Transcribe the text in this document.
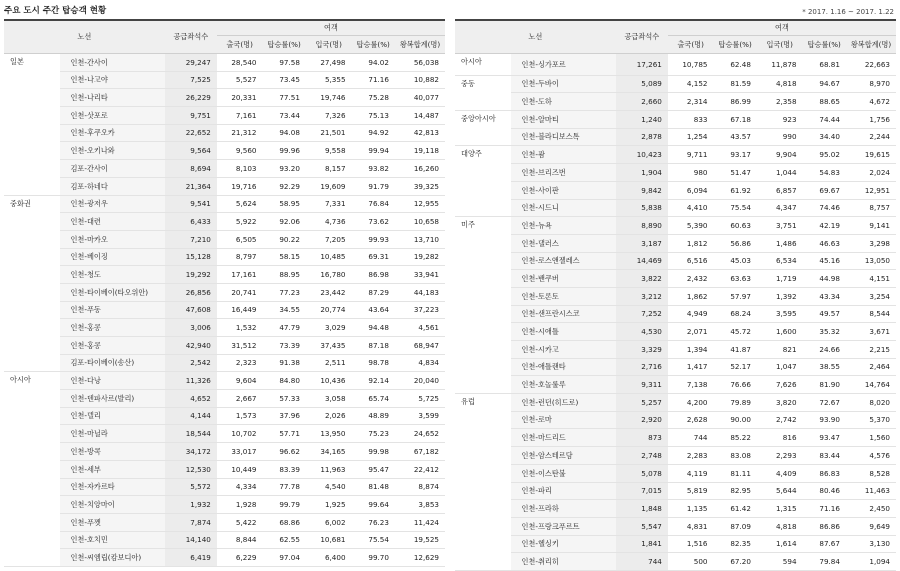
주요 도시 주간 탑승객 현황	* 2017. 1.16 ~ 2017. 1.22
노선		공급좌석수	여객				
			출국(명)	탑승률(%)	입국(명)	탑승률(%)	왕복합계(명)
일본	인천-간사이	29,247	28,540	97.58	27,498	94.02	56,038
	인천-나고야	7,525	5,527	73.45	5,355	71.16	10,882
	인천-나리타	26,229	20,331	77.51	19,746	75.28	40,077
	인천-삿포로	9,751	7,161	73.44	7,326	75.13	14,487
	인천-후쿠오카	22,652	21,312	94.08	21,501	94.92	42,813
	인천-오키나와	9,564	9,560	99.96	9,558	99.94	19,118
	김포-간사이	8,694	8,103	93.20	8,157	93.82	16,260
	김포-하네다	21,364	19,716	92.29	19,609	91.79	39,325
중화권	인천-광저우	9,541	5,624	58.95	7,331	76.84	12,955
	인천-대련	6,433	5,922	92.06	4,736	73.62	10,658
	인천-마카오	7,210	6,505	90.22	7,205	99.93	13,710
	인천-베이징	15,128	8,797	58.15	10,485	69.31	19,282
	인천-청도	19,292	17,161	88.95	16,780	86.98	33,941
	인천-타이베이(타오위안)	26,856	20,741	77.23	23,442	87.29	44,183
	인천-푸동	47,608	16,449	34.55	20,774	43.64	37,223
	인천-홍콩	3,006	1,532	47.79	3,029	94.48	4,561
	인천-홍콩	42,940	31,512	73.39	37,435	87.18	68,947
	김포-타이베이(송산)	2,542	2,323	91.38	2,511	98.78	4,834
아시아	인천-다낭	11,326	9,604	84.80	10,436	92.14	20,040
	인천-덴파사르(발리)	4,652	2,667	57.33	3,058	65.74	5,725
	인천-델리	4,144	1,573	37.96	2,026	48.89	3,599
	인천-마닐라	18,544	10,702	57.71	13,950	75.23	24,652
	인천-방콕	34,172	33,017	96.62	34,165	99.98	67,182
	인천-세부	12,530	10,449	83.39	11,963	95.47	22,412
	인천-자카르타	5,572	4,334	77.78	4,540	81.48	8,874
	인천-치앙마이	1,932	1,928	99.79	1,925	99.64	3,853
	인천-푸껫	7,874	5,422	68.86	6,002	76.23	11,424
	인천-호치민	14,140	8,844	62.55	10,681	75.54	19,525
	인천-씨엠립(캄보디아)	6,419	6,229	97.04	6,400	99.70	12,629
노선		공급좌석수	여객				
			출국(명)	탑승률(%)	입국(명)	탑승률(%)	왕복합계(명)
아시아	인천-싱가포르	17,261	10,785	62.48	11,878	68.81	22,663
중동	인천-두바이	5,089	4,152	81.59	4,818	94.67	8,970
	인천-도하	2,660	2,314	86.99	2,358	88.65	4,672
중앙아시아	인천-알마티	1,240	833	67.18	923	74.44	1,756
	인천-블라디보스톡	2,878	1,254	43.57	990	34.40	2,244
대양주	인천-괌	10,423	9,711	93.17	9,904	95.02	19,615
	인천-브리즈번	1,904	980	51.47	1,044	54.83	2,024
	인천-사이판	9,842	6,094	61.92	6,857	69.67	12,951
	인천-시드니	5,838	4,410	75.54	4,347	74.46	8,757
미주	인천-뉴욕	8,890	5,390	60.63	3,751	42.19	9,141
	인천-댈러스	3,187	1,812	56.86	1,486	46.63	3,298
	인천-로스앤젤레스	14,469	6,516	45.03	6,534	45.16	13,050
	인천-밴쿠버	3,822	2,432	63.63	1,719	44.98	4,151
	인천-토론토	3,212	1,862	57.97	1,392	43.34	3,254
	인천-샌프란시스코	7,252	4,949	68.24	3,595	49.57	8,544
	인천-시애틀	4,530	2,071	45.72	1,600	35.32	3,671
	인천-시카고	3,329	1,394	41.87	821	24.66	2,215
	인천-애틀랜타	2,716	1,417	52.17	1,047	38.55	2,464
	인천-호놀룰루	9,311	7,138	76.66	7,626	81.90	14,764
유럽	인천-런던(히드로)	5,257	4,200	79.89	3,820	72.67	8,020
	인천-로마	2,920	2,628	90.00	2,742	93.90	5,370
	인천-마드리드	873	744	85.22	816	93.47	1,560
	인천-암스테르담	2,748	2,283	83.08	2,293	83.44	4,576
	인천-이스탄불	5,078	4,119	81.11	4,409	86.83	8,528
	인천-파리	7,015	5,819	82.95	5,644	80.46	11,463
	인천-프라하	1,848	1,135	61.42	1,315	71.16	2,450
	인천-프랑크푸르트	5,547	4,831	87.09	4,818	86.86	9,649
	인천-헬싱키	1,841	1,516	82.35	1,614	87.67	3,130
	인천-취리히	744	500	67.20	594	79.84	1,094
